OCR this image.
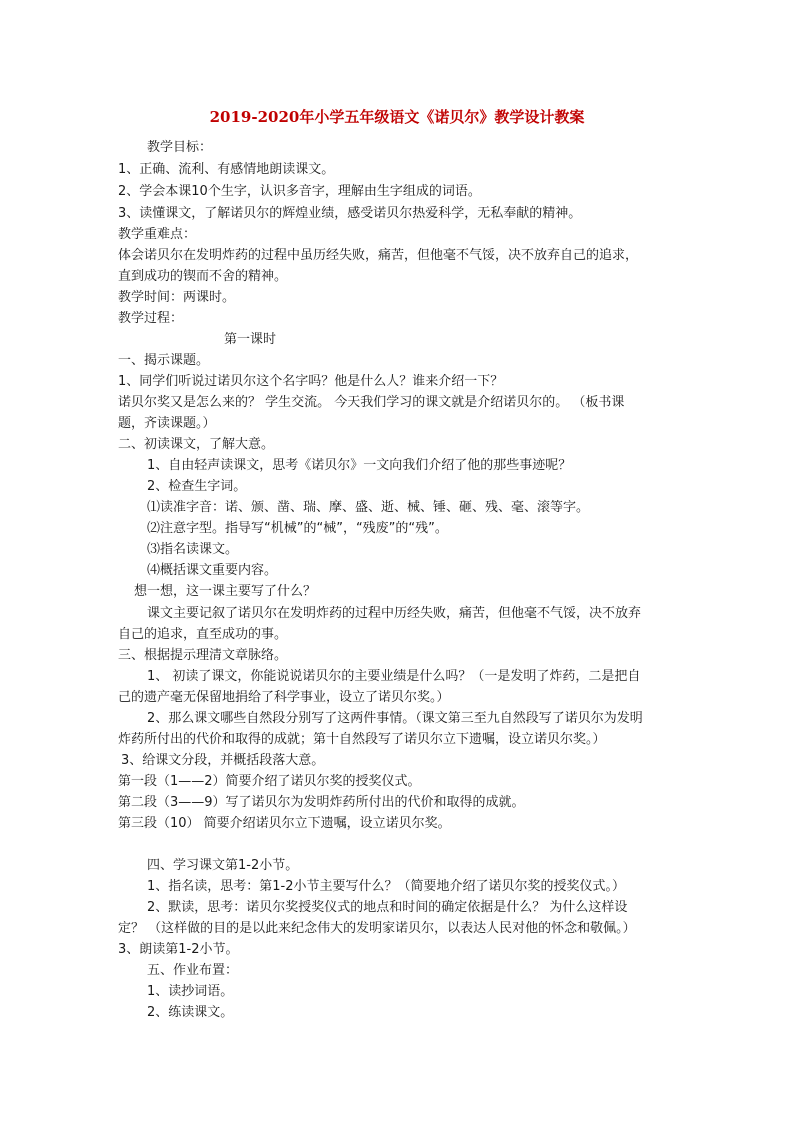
2019-2020年小学五年级语文《诺贝尔》教学设计教案
教学目标：
1、正确、流利、有感情地朗读课文。
2、学会本课10个生字，认识多音字，理解由生字组成的词语。
3、读懂课文，了解诺贝尔的辉煌业绩，感受诺贝尔热爱科学，无私奉献的精神。
教学重难点：
体会诺贝尔在发明炸药的过程中虽历经失败，痛苦，但他毫不气馁，决不放弃自己的追求，
直到成功的锲而不舍的精神。
教学时间：两课时。
教学过程：
第一课时
一、揭示课题。
1、同学们听说过诺贝尔这个名字吗？他是什么人？谁来介绍一下？
诺贝尔奖又是怎么来的？ 学生交流。 今天我们学习的课文就是介绍诺贝尔的。 （板书课
题，齐读课题。）
二、初读课文，了解大意。
1、自由轻声读课文，思考《诺贝尔》一文向我们介绍了他的那些事迹呢？
2、检查生字词。
⑴读准字音：诺、颁、凿、瑞、摩、盛、逝、械、锤、砸、残、毫、滚等字。
⑵注意字型。指导写“机械”的“械”，“残废”的“残”。
⑶指名读课文。
⑷概括课文重要内容。
想一想，这一课主要写了什么？
课文主要记叙了诺贝尔在发明炸药的过程中历经失败，痛苦，但他毫不气馁，决不放弃
自己的追求，直至成功的事。
三、根据提示理清文章脉络。
1、 初读了课文，你能说说诺贝尔的主要业绩是什么吗？（一是发明了炸药，二是把自
己的遗产毫无保留地捐给了科学事业，设立了诺贝尔奖。）
2、那么课文哪些自然段分别写了这两件事情。（课文第三至九自然段写了诺贝尔为发明
炸药所付出的代价和取得的成就；第十自然段写了诺贝尔立下遗嘱，设立诺贝尔奖。）
3、给课文分段，并概括段落大意。
第一段（1——2）简要介绍了诺贝尔奖的授奖仪式。
第二段（3——9）写了诺贝尔为发明炸药所付出的代价和取得的成就。
第三段（10） 简要介绍诺贝尔立下遗嘱，设立诺贝尔奖。
四、学习课文第1-2小节。
1、指名读，思考：第1-2小节主要写什么？（简要地介绍了诺贝尔奖的授奖仪式。）
2、默读，思考：诺贝尔奖授奖仪式的地点和时间的确定依据是什么？ 为什么这样设
定？ （这样做的目的是以此来纪念伟大的发明家诺贝尔，以表达人民对他的怀念和敬佩。）
3、朗读第1-2小节。
五、作业布置：
1、读抄词语。
2、练读课文。
